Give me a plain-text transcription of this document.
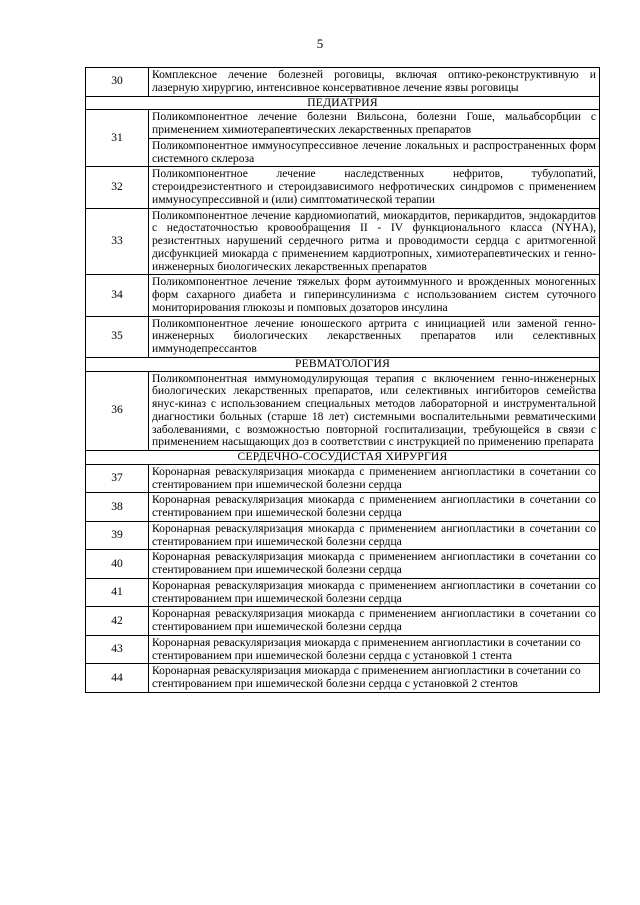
5
30	Комплексное лечение болезней роговицы, включая оптико-реконструктивную и лазерную хирургию, интенсивное консервативное лечение язвы роговицы

ПЕДИАТРИЯ	
31	Поликомпонентное лечение болезни Вильсона, болезни Гоше, мальабсорбции с применением химиотерапевтических лекарственных препаратов
Поликомпонентное иммуносупрессивное лечение локальных и распространенных форм системного склероза

32	Поликомпонентное лечение наследственных нефритов, тубулопатий, стероидрезистентного и стероидзависимого нефротических синдромов с применением иммуносупрессивной и (или) симптоматической терапии

33	Поликомпонентное лечение кардиомиопатий, миокардитов, перикардитов, эндокардитов с недостаточностью кровообращения II - IV функционального класса (NYHA), резистентных нарушений сердечного ритма и проводимости сердца с аритмогенной дисфункцией миокарда с применением кардиотропных, химиотерапевтических и генно-инженерных биологических лекарственных препаратов

34	Поликомпонентное лечение тяжелых форм аутоиммунного и врожденных моногенных форм сахарного диабета и гиперинсулинизма с использованием систем суточного мониторирования глюкозы и помповых дозаторов инсулина

35	Поликомпонентное лечение юношеского артрита с инициацией или заменой генно-инженерных биологических лекарственных препаратов или селективных иммунодепрессантов

РЕВМАТОЛОГИЯ	
36	Поликомпонентная иммуномодулирующая терапия с включением генно-инженерных биологических лекарственных препаратов, или селективных ингибиторов семейства янус-киназ с использованием специальных методов лабораторной и инструментальной диагностики больных (старше 18 лет) системными воспалительными ревматическими заболеваниями, с возможностью повторной госпитализации, требующейся в связи с применением насыщающих доз в соответствии с инструкцией по применению препарата

СЕРДЕЧНО-СОСУДИСТАЯ ХИРУРГИЯ	
37	Коронарная реваскуляризация миокарда с применением ангиопластики в сочетании со стентированием при ишемической болезни сердца

38	Коронарная реваскуляризация миокарда с применением ангиопластики в сочетании со стентированием при ишемической болезни сердца

39	Коронарная реваскуляризация миокарда с применением ангиопластики в сочетании со стентированием при ишемической болезни сердца

40	Коронарная реваскуляризация миокарда с применением ангиопластики в сочетании со стентированием при ишемической болезни сердца

41	Коронарная реваскуляризация миокарда с применением ангиопластики в сочетании со стентированием при ишемической болезни сердца

42	Коронарная реваскуляризация миокарда с применением ангиопластики в сочетании со стентированием при ишемической болезни сердца

43	Коронарная реваскуляризация миокарда с применением ангиопластики в сочетании со стентированием при ишемической болезни сердца с установкой 1 стента

44	Коронарная реваскуляризация миокарда с применением ангиопластики в сочетании со стентированием при ишемической болезни сердца с установкой 2 стентов
